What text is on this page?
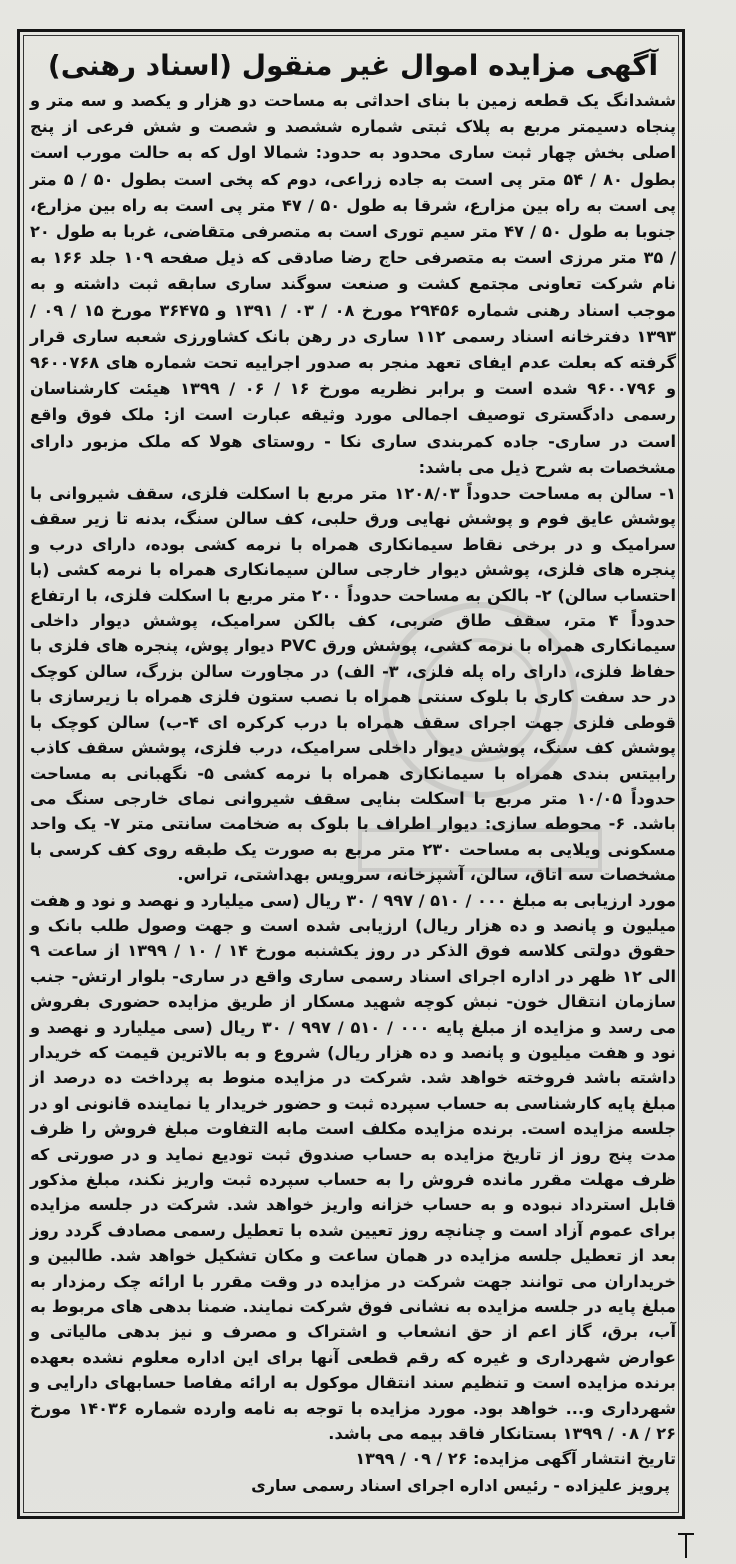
آگهی مزایده اموال غیر منقول (اسناد رهنی)

ششدانگ یک قطعه زمین با بنای احداثی به مساحت دو هزار و یکصد و سه متر و پنجاه دسیمتر مربع به پلاک ثبتی شماره ششصد و شصت و شش فرعی از پنج اصلی بخش چهار ثبت ساری محدود به حدود: شمالا اول که به حالت مورب است بطول ۸۰ / ۵۴ متر پی است به جاده زراعی، دوم که پخی است بطول ۵۰ / ۵ متر پی است به راه بین مزارع، شرقا به طول ۵۰ / ۴۷ متر پی است به راه بین مزارع، جنوبا به طول ۵۰ / ۴۷ متر سیم توری است به متصرفی متقاضی، غربا به طول ۲۰ / ۳۵ متر مرزی است به متصرفی حاج رضا صادقی که ذیل صفحه ۱۰۹ جلد ۱۶۶ به نام شرکت تعاونی مجتمع کشت و صنعت سوگند ساری سابقه ثبت داشته و به موجب اسناد رهنی شماره ۲۹۴۵۶ مورخ ۰۸ / ۰۳ / ۱۳۹۱ و ۳۶۴۷۵ مورخ ۱۵ / ۰۹ / ۱۳۹۳ دفترخانه اسناد رسمی ۱۱۲ ساری در رهن بانک کشاورزی شعبه ساری قرار گرفته که بعلت عدم ایفای تعهد منجر به صدور اجراییه تحت شماره های ۹۶۰۰۷۶۸ و ۹۶۰۰۷۹۶ شده است و برابر نظریه مورخ ۱۶ / ۰۶ / ۱۳۹۹ هیئت کارشناسان رسمی دادگستری توصیف اجمالی مورد وثیقه عبارت است از: ملک فوق واقع است در ساری- جاده کمربندی ساری نکا - روستای هولا که ملک مزبور دارای مشخصات به شرح ذیل می باشد:

۱- سالن به مساحت حدوداً ۱۲۰۸/۰۳ متر مربع با اسکلت فلزی، سقف شیروانی با پوشش عایق فوم و پوشش نهایی ورق حلبی، کف سالن سنگ، بدنه تا زیر سقف سرامیک و در برخی نقاط سیمانکاری همراه با نرمه کشی بوده، دارای درب و پنجره های فلزی، پوشش دیوار خارجی سالن سیمانکاری همراه با نرمه کشی (با احتساب سالن) ۲- بالکن به مساحت حدوداً ۲۰۰ متر مربع با اسکلت فلزی، با ارتفاع حدوداً ۴ متر، سقف طاق ضربی، کف بالکن سرامیک، پوشش دیوار داخلی سیمانکاری همراه با نرمه کشی، پوشش ورق PVC دیوار پوش، پنجره های فلزی با حفاظ فلزی، دارای راه پله فلزی، ۳- الف) در مجاورت سالن بزرگ، سالن کوچک در حد سفت کاری با بلوک سنتی همراه با نصب ستون فلزی همراه با زیرسازی با قوطی فلزی جهت اجرای سقف همراه با درب کرکره ای ۴-ب) سالن کوچک با پوشش کف سنگ، پوشش دیوار داخلی سرامیک، درب فلزی، پوشش سقف کاذب رابیتس بندی همراه با سیمانکاری همراه با نرمه کشی ۵- نگهبانی به مساحت حدوداً ۱۰/۰۵ متر مربع با اسکلت بنایی سقف شیروانی نمای خارجی سنگ می باشد. ۶- محوطه سازی: دیوار اطراف با بلوک به ضخامت سانتی متر ۷- یک واحد مسکونی ویلایی به مساحت ۲۳۰ متر مربع به صورت یک طبقه روی کف کرسی با مشخصات سه اتاق، سالن، آشپزخانه، سرویس بهداشتی، تراس.

مورد ارزیابی به مبلغ ۰۰۰ / ۵۱۰ / ۹۹۷ / ۳۰ ریال (سی میلیارد و نهصد و نود و هفت میلیون و پانصد و ده هزار ریال) ارزیابی شده است و جهت وصول طلب بانک و حقوق دولتی کلاسه فوق الذکر در روز یکشنبه مورخ ۱۴ / ۱۰ / ۱۳۹۹ از ساعت ۹ الی ۱۲ ظهر در اداره اجرای اسناد رسمی ساری واقع در ساری- بلوار ارتش- جنب سازمان انتقال خون- نبش کوچه شهید مسکار از طریق مزایده حضوری بفروش می رسد و مزایده از مبلغ پایه ۰۰۰ / ۵۱۰ / ۹۹۷ / ۳۰ ریال (سی میلیارد و نهصد و نود و هفت میلیون و پانصد و ده هزار ریال) شروع و به بالاترین قیمت که خریدار داشته باشد فروخته خواهد شد. شرکت در مزایده منوط به پرداخت ده درصد از مبلغ پایه کارشناسی به حساب سپرده ثبت و حضور خریدار یا نماینده قانونی او در جلسه مزایده است. برنده مزایده مکلف است مابه التفاوت مبلغ فروش را ظرف مدت پنج روز از تاریخ مزایده به حساب صندوق ثبت تودیع نماید و در صورتی که ظرف مهلت مقرر مانده فروش را به حساب سپرده ثبت واریز نکند، مبلغ مذکور قابل استرداد نبوده و به حساب خزانه واریز خواهد شد. شرکت در جلسه مزایده برای عموم آزاد است و چنانچه روز تعیین شده با تعطیل رسمی مصادف گردد روز بعد از تعطیل جلسه مزایده در همان ساعت و مکان تشکیل خواهد شد. طالبین و خریداران می توانند جهت شرکت در مزایده در وقت مقرر با ارائه چک رمزدار به مبلغ پایه در جلسه مزایده به نشانی فوق شرکت نمایند. ضمنا بدهی های مربوط به آب، برق، گاز اعم از حق انشعاب و اشتراک و مصرف و نیز بدهی مالیاتی و عوارض شهرداری و غیره که رقم قطعی آنها برای این اداره معلوم نشده بعهده برنده مزایده است و تنظیم سند انتقال موکول به ارائه مفاصا حسابهای دارایی و شهرداری و... خواهد بود. مورد مزایده با توجه به نامه وارده شماره ۱۴۰۳۶ مورخ ۲۶ / ۰۸ / ۱۳۹۹ بستانکار فاقد بیمه می باشد.

تاریخ انتشار آگهی مزایده: ۲۶ / ۰۹ / ۱۳۹۹

پرویز علیزاده - رئیس اداره اجرای اسناد رسمی ساری
